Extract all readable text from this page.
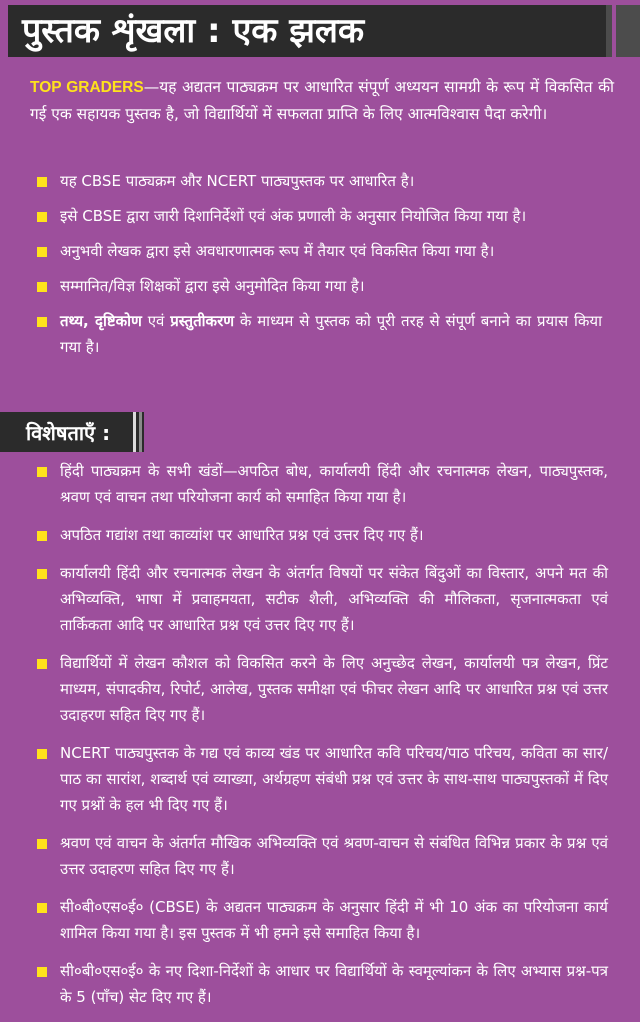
पुस्तक शृंखला : एक झलक

TOP GRADERS—यह अद्यतन पाठ्यक्रम पर आधारित संपूर्ण अध्ययन सामग्री के रूप में विकसित की गई एक सहायक पुस्तक है, जो विद्यार्थियों में सफलता प्राप्ति के लिए आत्मविश्वास पैदा करेगी।

यह CBSE पाठ्यक्रम और NCERT पाठ्यपुस्तक पर आधारित है।
इसे CBSE द्वारा जारी दिशानिर्देशों एवं अंक प्रणाली के अनुसार नियोजित किया गया है।
अनुभवी लेखक द्वारा इसे अवधारणात्मक रूप में तैयार एवं विकसित किया गया है।
सम्मानित/विज्ञ शिक्षकों द्वारा इसे अनुमोदित किया गया है।
तथ्य, दृष्टिकोण एवं प्रस्तुतीकरण के माध्यम से पुस्तक को पूरी तरह से संपूर्ण बनाने का प्रयास किया गया है।
विशेषताएँ :
हिंदी पाठ्यक्रम के सभी खंडों—अपठित बोध, कार्यालयी हिंदी और रचनात्मक लेखन, पाठ्यपुस्तक, श्रवण एवं वाचन तथा परियोजना कार्य को समाहित किया गया है।
अपठित गद्यांश तथा काव्यांश पर आधारित प्रश्न एवं उत्तर दिए गए हैं।
कार्यालयी हिंदी और रचनात्मक लेखन के अंतर्गत विषयों पर संकेत बिंदुओं का विस्तार, अपने मत की अभिव्यक्ति, भाषा में प्रवाहमयता, सटीक शैली, अभिव्यक्ति की मौलिकता, सृजनात्मकता एवं तार्किकता आदि पर आधारित प्रश्न एवं उत्तर दिए गए हैं।
विद्यार्थियों में लेखन कौशल को विकसित करने के लिए अनुच्छेद लेखन, कार्यालयी पत्र लेखन, प्रिंट माध्यम, संपादकीय, रिपोर्ट, आलेख, पुस्तक समीक्षा एवं फीचर लेखन आदि पर आधारित प्रश्न एवं उत्तर उदाहरण सहित दिए गए हैं।
NCERT पाठ्यपुस्तक के गद्य एवं काव्य खंड पर आधारित कवि परिचय/पाठ परिचय, कविता का सार/पाठ का सारांश, शब्दार्थ एवं व्याख्या, अर्थग्रहण संबंधी प्रश्न एवं उत्तर के साथ-साथ पाठ्यपुस्तकों में दिए गए प्रश्नों के हल भी दिए गए हैं।
श्रवण एवं वाचन के अंतर्गत मौखिक अभिव्यक्ति एवं श्रवण-वाचन से संबंधित विभिन्न प्रकार के प्रश्न एवं उत्तर उदाहरण सहित दिए गए हैं।
सी०बी०एस०ई० (CBSE) के अद्यतन पाठ्यक्रम के अनुसार हिंदी में भी 10 अंक का परियोजना कार्य शामिल किया गया है। इस पुस्तक में भी हमने इसे समाहित किया है।
सी०बी०एस०ई० के नए दिशा-निर्देशों के आधार पर विद्यार्थियों के स्वमूल्यांकन के लिए अभ्यास प्रश्न-पत्र के 5 (पाँच) सेट दिए गए हैं।
